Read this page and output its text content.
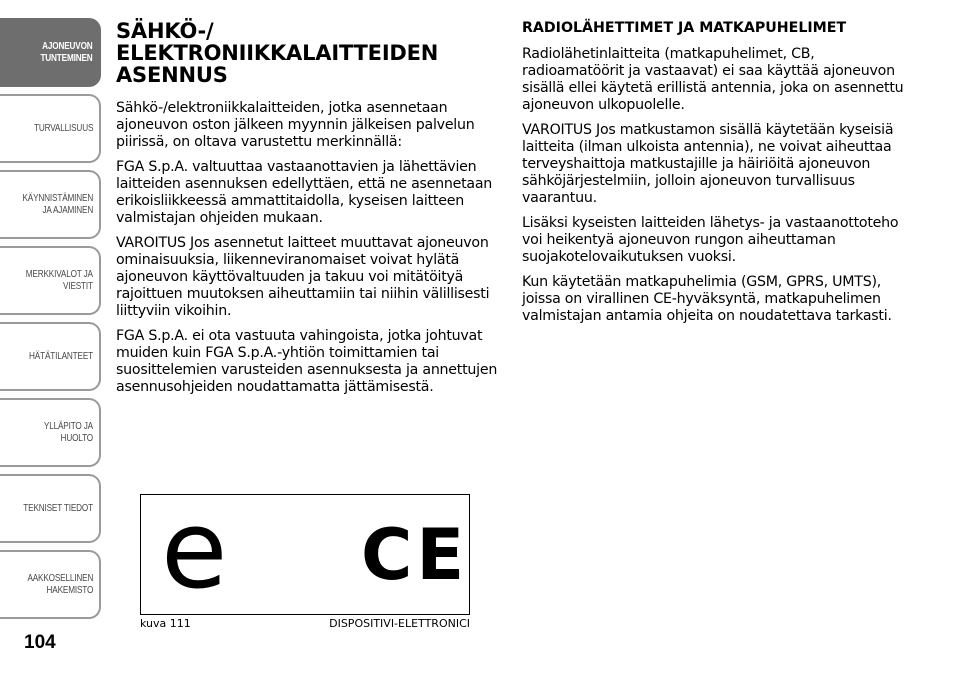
AJONEUVON
TUNTEMINEN
TURVALLISUUS
KÄYNNISTÄMINEN
JA AJAMINEN
MERKKIVALOT JA
VIESTIT
HÄTÄTILANTEET
YLLÄPITO JA HUOLTO
TEKNISET TIEDOT
AAKKOSELLINEN
HAKEMISTO
104
SÄHKÖ-/ ELEKTRONIIKKALAITTEIDEN ASENNUS

Sähkö-/elektroniikkalaitteiden, jotka asennetaan ajoneuvon oston jälkeen myynnin jälkeisen palvelun piirissä, on oltava varustettu merkinnällä:

FGA S.p.A. valtuuttaa vastaanottavien ja lähettävien laitteiden asennuksen edellyttäen, että ne asennetaan erikoisliikkeessä ammattitaidolla, kyseisen laitteen valmistajan ohjeiden mukaan.

VAROITUS Jos asennetut laitteet muuttavat ajoneuvon ominaisuuksia, liikenneviranomaiset voivat hylätä ajoneuvon käyttövaltuuden ja takuu voi mitätöityä rajoittuen muutoksen aiheuttamiin tai niihin välillisesti liittyviin vikoihin.

FGA S.p.A. ei ota vastuuta vahingoista, jotka johtuvat muiden kuin FGA S.p.A.-yhtiön toimittamien tai suosittelemien varusteiden asennuksesta ja annettujen asennusohjeiden noudattamatta jättämisestä.

e CE
kuva 111	DISPOSITIVI-ELETTRONICI
RADIOLÄHETTIMET JA MATKAPUHELIMET

Radiolähetinlaitteita (matkapuhelimet, CB, radioamatöörit ja vastaavat) ei saa käyttää ajoneuvon sisällä ellei käytetä erillistä antennia, joka on asennettu ajoneuvon ulkopuolelle.

VAROITUS Jos matkustamon sisällä käytetään kyseisiä laitteita (ilman ulkoista antennia), ne voivat aiheuttaa terveyshaittoja matkustajille ja häiriöitä ajoneuvon sähköjärjestelmiin, jolloin ajoneuvon turvallisuus vaarantuu.

Lisäksi kyseisten laitteiden lähetys- ja vastaanottoteho voi heikentyä ajoneuvon rungon aiheuttaman suojakotelovaikutuksen vuoksi.

Kun käytetään matkapuhelimia (GSM, GPRS, UMTS), joissa on virallinen CE-hyväksyntä, matkapuhelimen valmistajan antamia ohjeita on noudatettava tarkasti.
